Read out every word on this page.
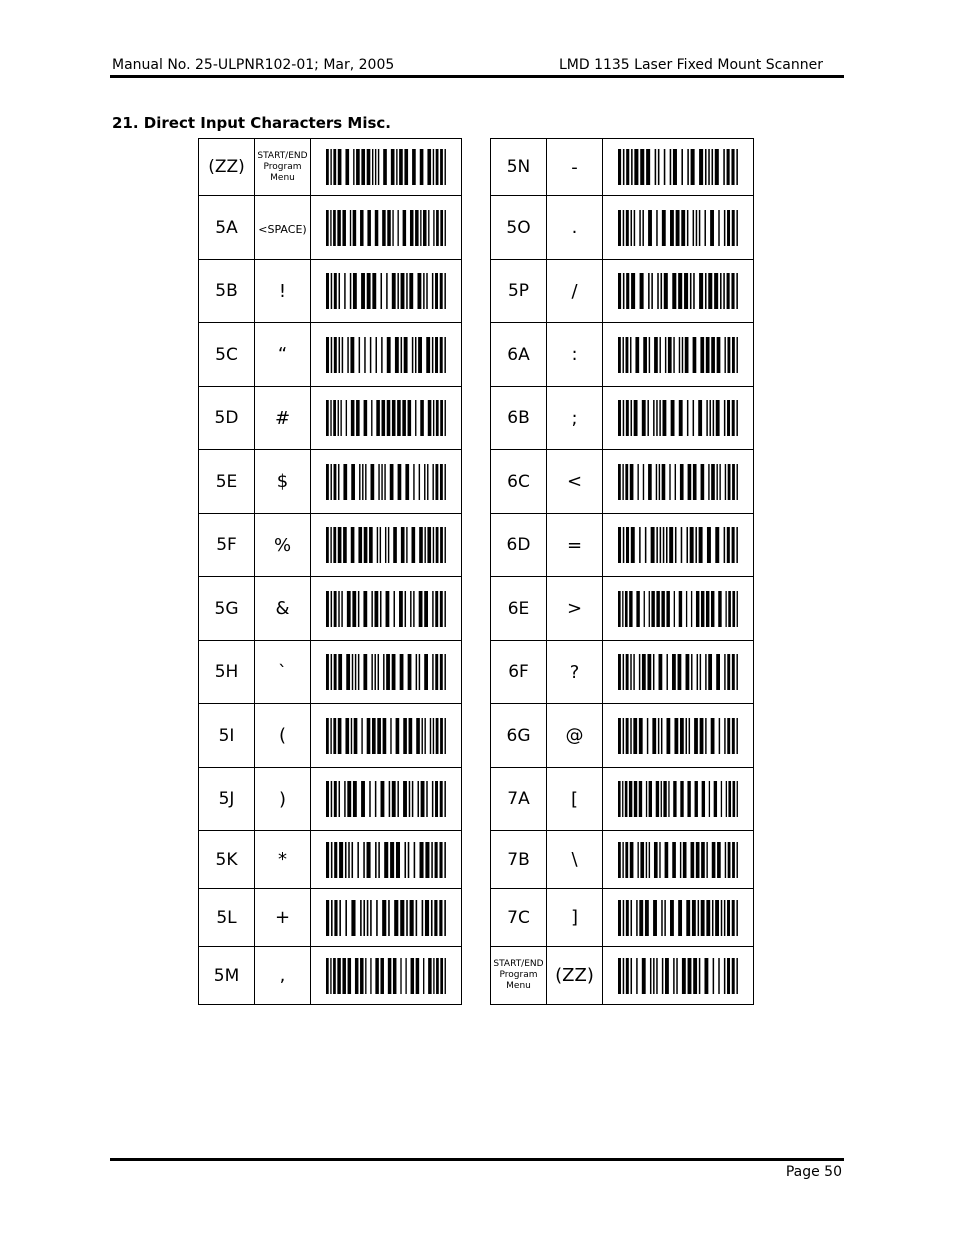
Manual No. 25-ULPNR102-01; Mar, 2005	LMD 1135 Laser Fixed Mount Scanner
21. Direct Input Characters Misc.
(ZZ)	START/END
Program
Menu

5A	<SPACE)	

5B	!	

5C	“	

5D	#	

5E	$	

5F	%	

5G	&	

5H	`	

5I	(	

5J	)	

5K	*	

5L	+	

5M	,	
5N	-	

5O	.	

5P	/	

6A	:	

6B	;	

6C	<	

6D	=	

6E	>	

6F	?	

6G	@	

7A	[	

7B	\	

7C	]	

START/END
Program
Menu	(ZZ)	
Page 50
